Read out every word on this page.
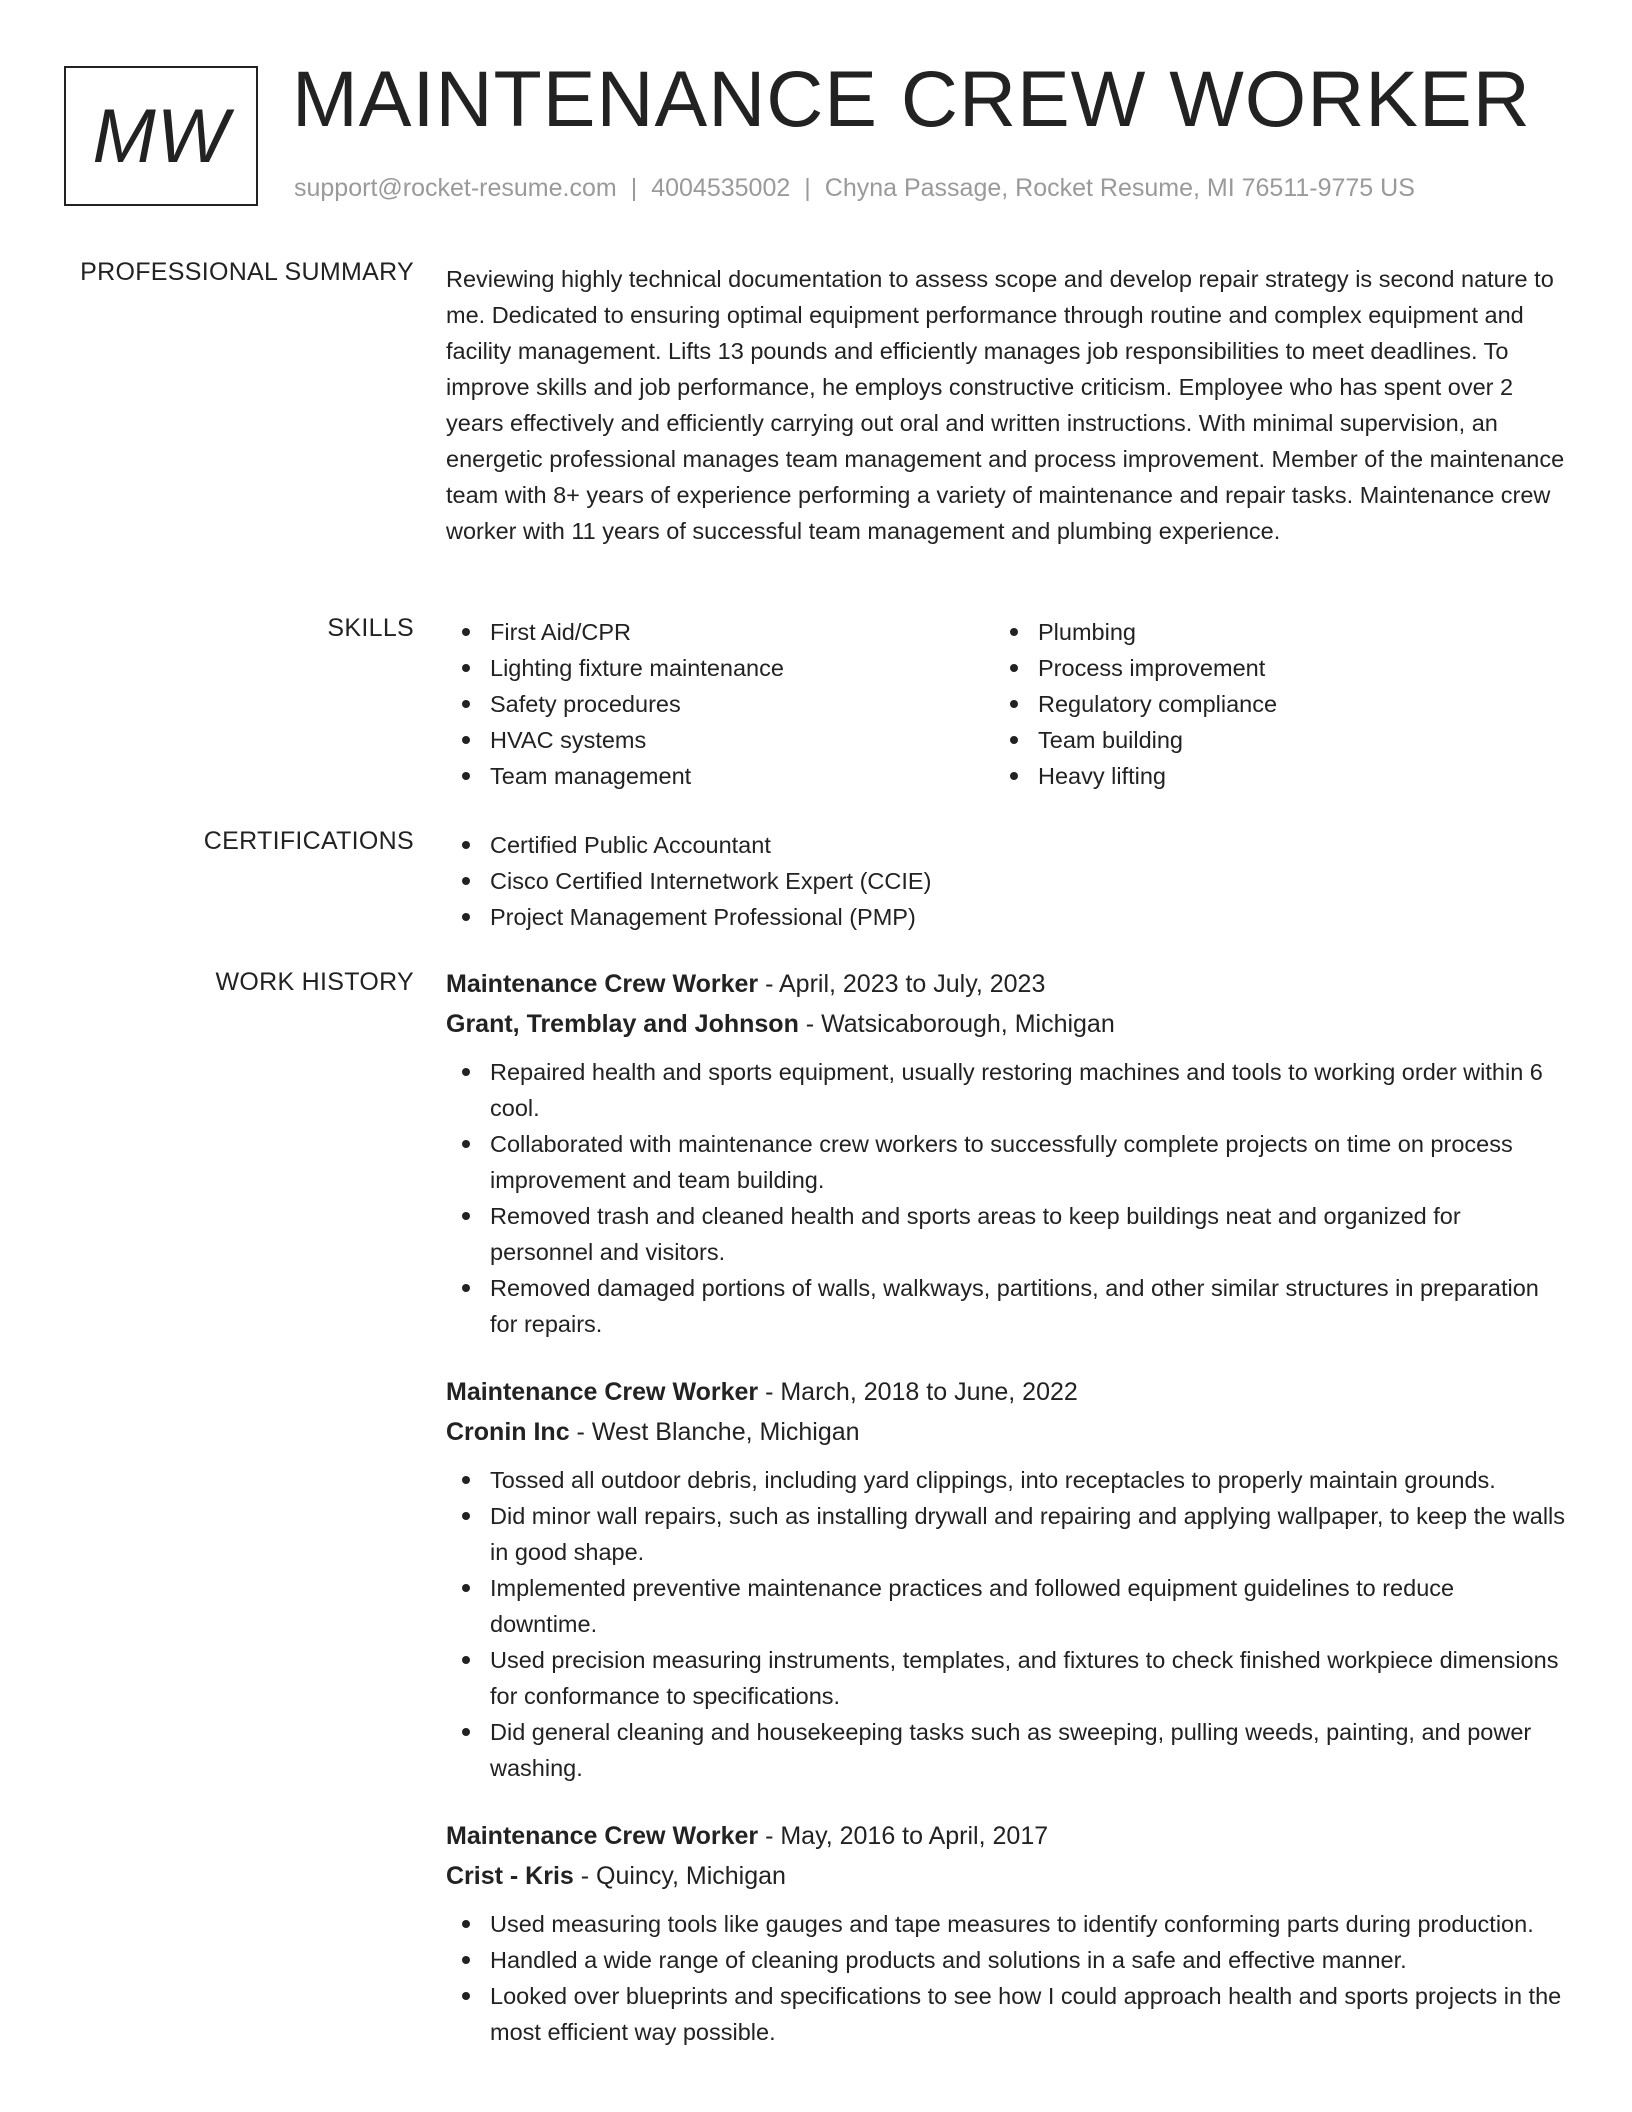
MW MAINTENANCE CREW WORKER
support@rocket-resume.com | 4004535002 | Chyna Passage, Rocket Resume, MI 76511-9775 US
PROFESSIONAL SUMMARY Reviewing highly technical documentation to assess scope and develop repair strategy is second nature to me. Dedicated to ensuring optimal equipment performance through routine and complex equipment and facility management. Lifts 13 pounds and efficiently manages job responsibilities to meet deadlines. To improve skills and job performance, he employs constructive criticism. Employee who has spent over 2 years effectively and efficiently carrying out oral and written instructions. With minimal supervision, an energetic professional manages team management and process improvement. Member of the maintenance team with 8+ years of experience performing a variety of maintenance and repair tasks. Maintenance crew worker with 11 years of successful team management and plumbing experience.

SKILLS	First Aid/CPR
Lighting fixture maintenance
Safety procedures
HVAC systems
Team management
Plumbing
Process improvement
Regulatory compliance
Team building
Heavy lifting
CERTIFICATIONS	Certified Public Accountant
Cisco Certified Internetwork Expert (CCIE)
Project Management Professional (PMP)
WORK HISTORY Maintenance Crew Worker - April, 2023 to July, 2023
Grant, Tremblay and Johnson - Watsicaborough, Michigan
Repaired health and sports equipment, usually restoring machines and tools to working order within 6 cool.
Collaborated with maintenance crew workers to successfully complete projects on time on process improvement and team building.
Removed trash and cleaned health and sports areas to keep buildings neat and organized for personnel and visitors.
Removed damaged portions of walls, walkways, partitions, and other similar structures in preparation for repairs.
Maintenance Crew Worker - March, 2018 to June, 2022
Cronin Inc - West Blanche, Michigan
Tossed all outdoor debris, including yard clippings, into receptacles to properly maintain grounds.
Did minor wall repairs, such as installing drywall and repairing and applying wallpaper, to keep the walls in good shape.
Implemented preventive maintenance practices and followed equipment guidelines to reduce downtime.
Used precision measuring instruments, templates, and fixtures to check finished workpiece dimensions for conformance to specifications.
Did general cleaning and housekeeping tasks such as sweeping, pulling weeds, painting, and power washing.
Maintenance Crew Worker - May, 2016 to April, 2017
Crist - Kris - Quincy, Michigan
Used measuring tools like gauges and tape measures to identify conforming parts during production.
Handled a wide range of cleaning products and solutions in a safe and effective manner.
Looked over blueprints and specifications to see how I could approach health and sports projects in the most efficient way possible.
